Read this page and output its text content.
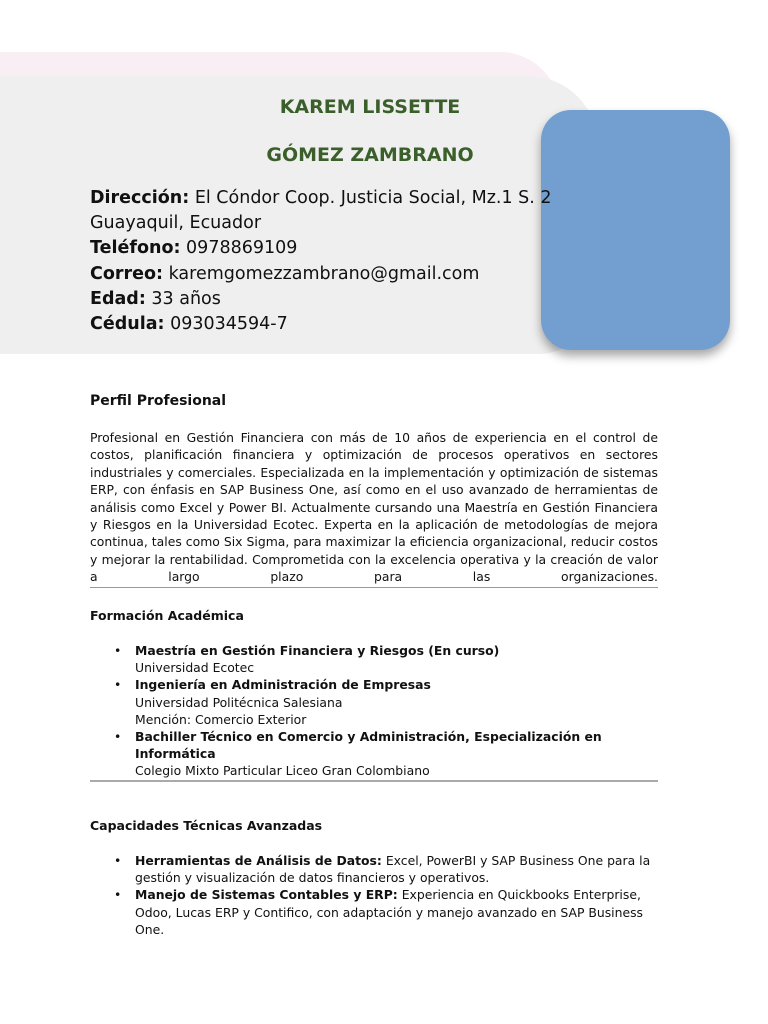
KAREM LISSETTE
GÓMEZ ZAMBRANO
Dirección: El Cóndor Coop. Justicia Social, Mz.1 S. 2
Guayaquil, Ecuador
Teléfono: 0978869109
Correo: karemgomezzambrano@gmail.com
Edad: 33 años
Cédula: 093034594-7
Perfil Profesional
Profesional en Gestión Financiera con más de 10 años de experiencia en el control de costos, planificación financiera y optimización de procesos operativos en sectores industriales y comerciales. Especializada en la implementación y optimización de sistemas ERP, con énfasis en SAP Business One, así como en el uso avanzado de herramientas de análisis como Excel y Power BI. Actualmente cursando una Maestría en Gestión Financiera y Riesgos en la Universidad Ecotec. Experta en la aplicación de metodologías de mejora continua, tales como Six Sigma, para maximizar la eficiencia organizacional, reducir costos y mejorar la rentabilidad. Comprometida con la excelencia operativa y la creación de valor a largo plazo para las organizaciones.
Formación Académica
• Maestría en Gestión Financiera y Riesgos (En curso)
Universidad Ecotec
• Ingeniería en Administración de Empresas
Universidad Politécnica Salesiana
Mención: Comercio Exterior
• Bachiller Técnico en Comercio y Administración, Especialización en Informática
Colegio Mixto Particular Liceo Gran Colombiano
Capacidades Técnicas Avanzadas
• Herramientas de Análisis de Datos: Excel, PowerBI y SAP Business One para la gestión y visualización de datos financieros y operativos.
• Manejo de Sistemas Contables y ERP: Experiencia en Quickbooks Enterprise, Odoo, Lucas ERP y Contifico, con adaptación y manejo avanzado en SAP Business One.
